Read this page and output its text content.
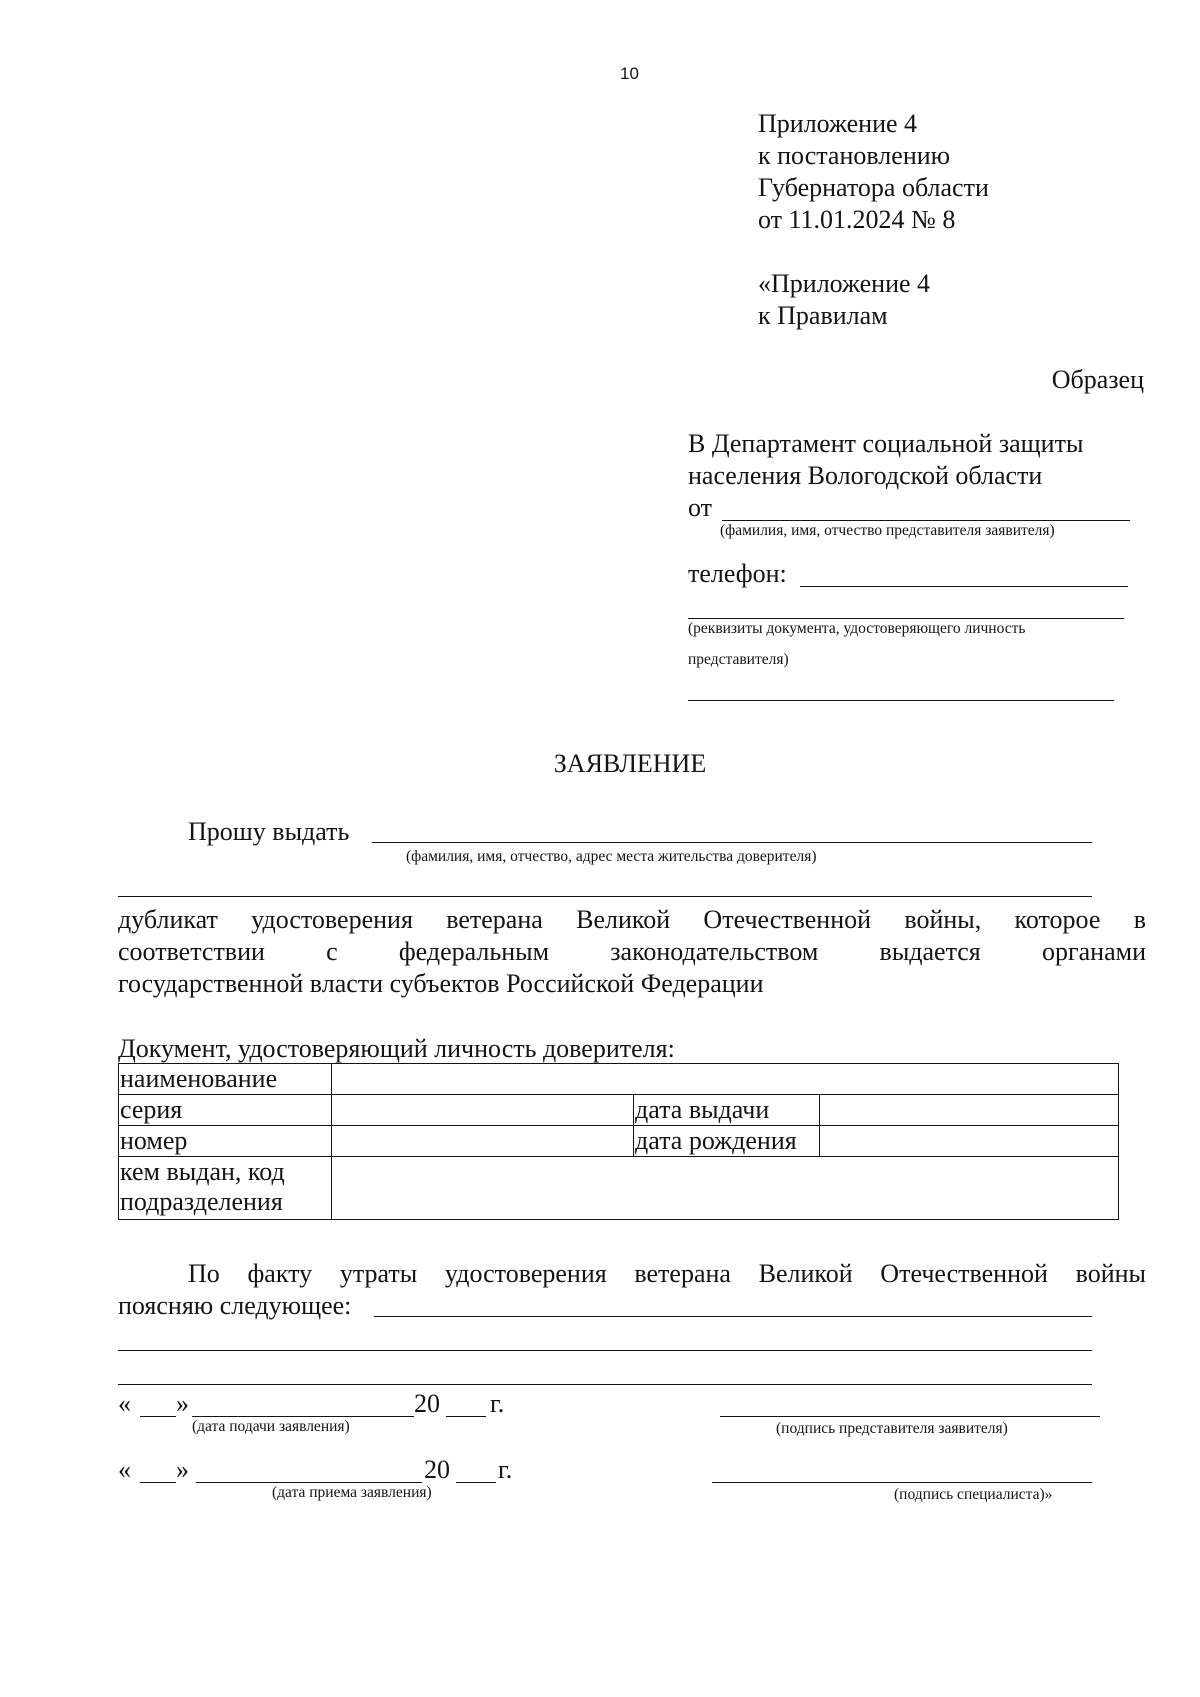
10
Приложение 4
к постановлению
Губернатора области
от 11.01.2024 № 8
«Приложение 4
к Правилам
Образец
В Департамент социальной защиты
населения Вологодской области
от
(фамилия, имя, отчество представителя заявителя)
телефон:
(реквизиты документа, удостоверяющего личность
представителя)
ЗАЯВЛЕНИЕ
Прошу выдать
(фамилия, имя, отчество, адрес места жительства доверителя)
дубликат удостоверения ветерана Великой Отечественной войны, которое в
соответствии с федеральным законодательством выдается органами
государственной власти субъектов Российской Федерации
Документ, удостоверяющий личность доверителя:
наименование			
серия		дата выдачи	
номер		дата рождения	

кем выдан, код
подразделения			

По факту утраты удостоверения ветерана Великой Отечественной войны
поясняю следующее:
« »	20 г.
(дата подачи заявления)	(подпись представителя заявителя)
« »	20 г.
(дата приема заявления)	(подпись специалиста)»
